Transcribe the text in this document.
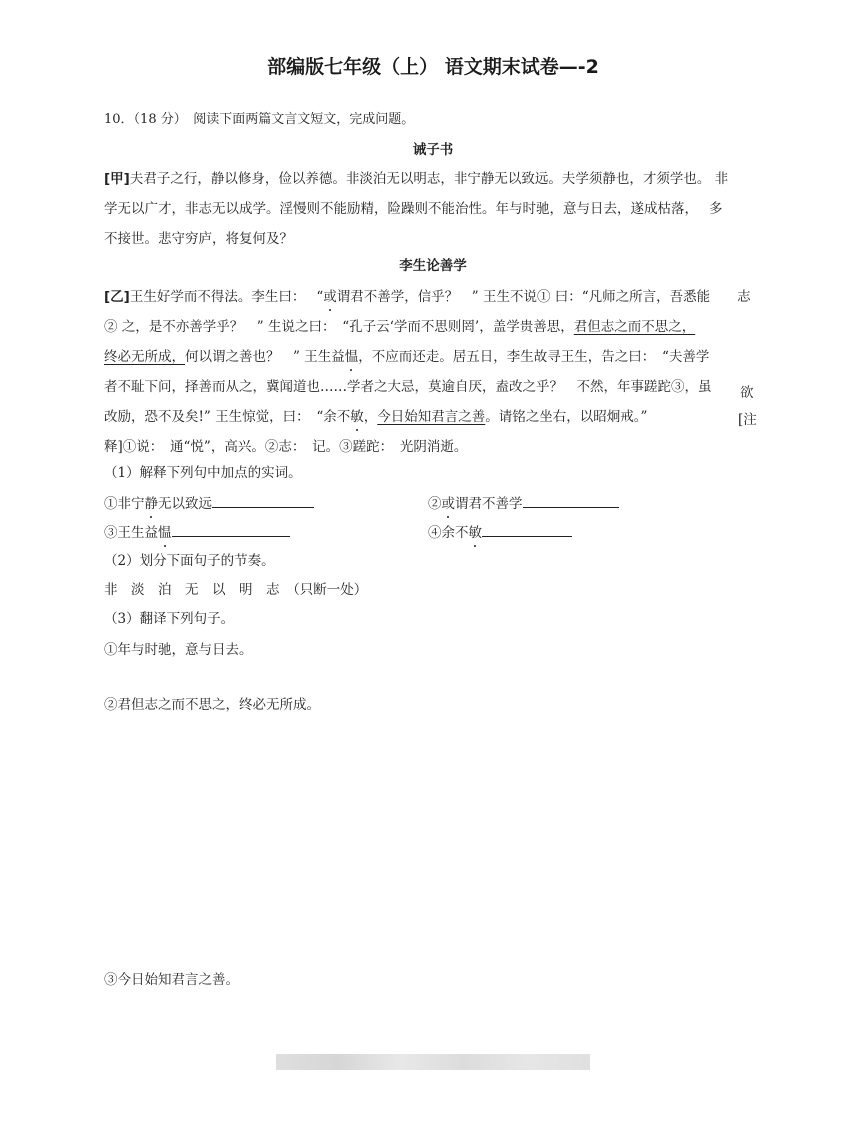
部编版七年级（上） 语文期末试卷—-2
10．（18 分）　阅读下面两篇文言文短文，完成问题。
诫子书
[甲]夫君子之行，静以修身，俭以养德。非淡泊无以明志，非宁静无以致远。夫学须静也，才须学也。 非
学无以广才，非志无以成学。淫慢则不能励精，险躁则不能治性。年与时驰，意与日去，遂成枯落，　 多
不接世。悲守穷庐，将复何及？
李生论善学
[乙]王生好学而不得法。李生曰：　 “或谓君不善学，信乎？　” 王生不说① 曰：“凡师之所言，吾悉能　　志
② 之，是不亦善学乎？　” 生说之曰：　“孔子云‘学而不思则罔’，盖学贵善思，君但志之而不思之，
终必无所成，何以谓之善也？　” 王生益愠，不应而还走。居五日，李生故寻王生，告之曰：　“夫善学
者不耻下问，择善而从之，冀闻道也……学者之大忌，莫逾自厌，盍改之乎？　不然，年事蹉跎③，虽 欲
改励，恐不及矣!” 王生惊觉，曰：　“余不敏，今日始知君言之善。请铭之坐右，以昭炯戒。”　	[注
释]①说：　通“悦”，高兴。②志：　记。③蹉跎：　光阴消逝。
（1）解释下列句中加点的实词。
①非宁静无以致远	②或谓君不善学
③王生益愠	④余不敏
（2）划分下面句子的节奏。
非　淡　泊　无　以　明　志　（只断一处）
（3）翻译下列句子。
①年与时驰，意与日去。
②君但志之而不思之，终必无所成。
③今日始知君言之善。
